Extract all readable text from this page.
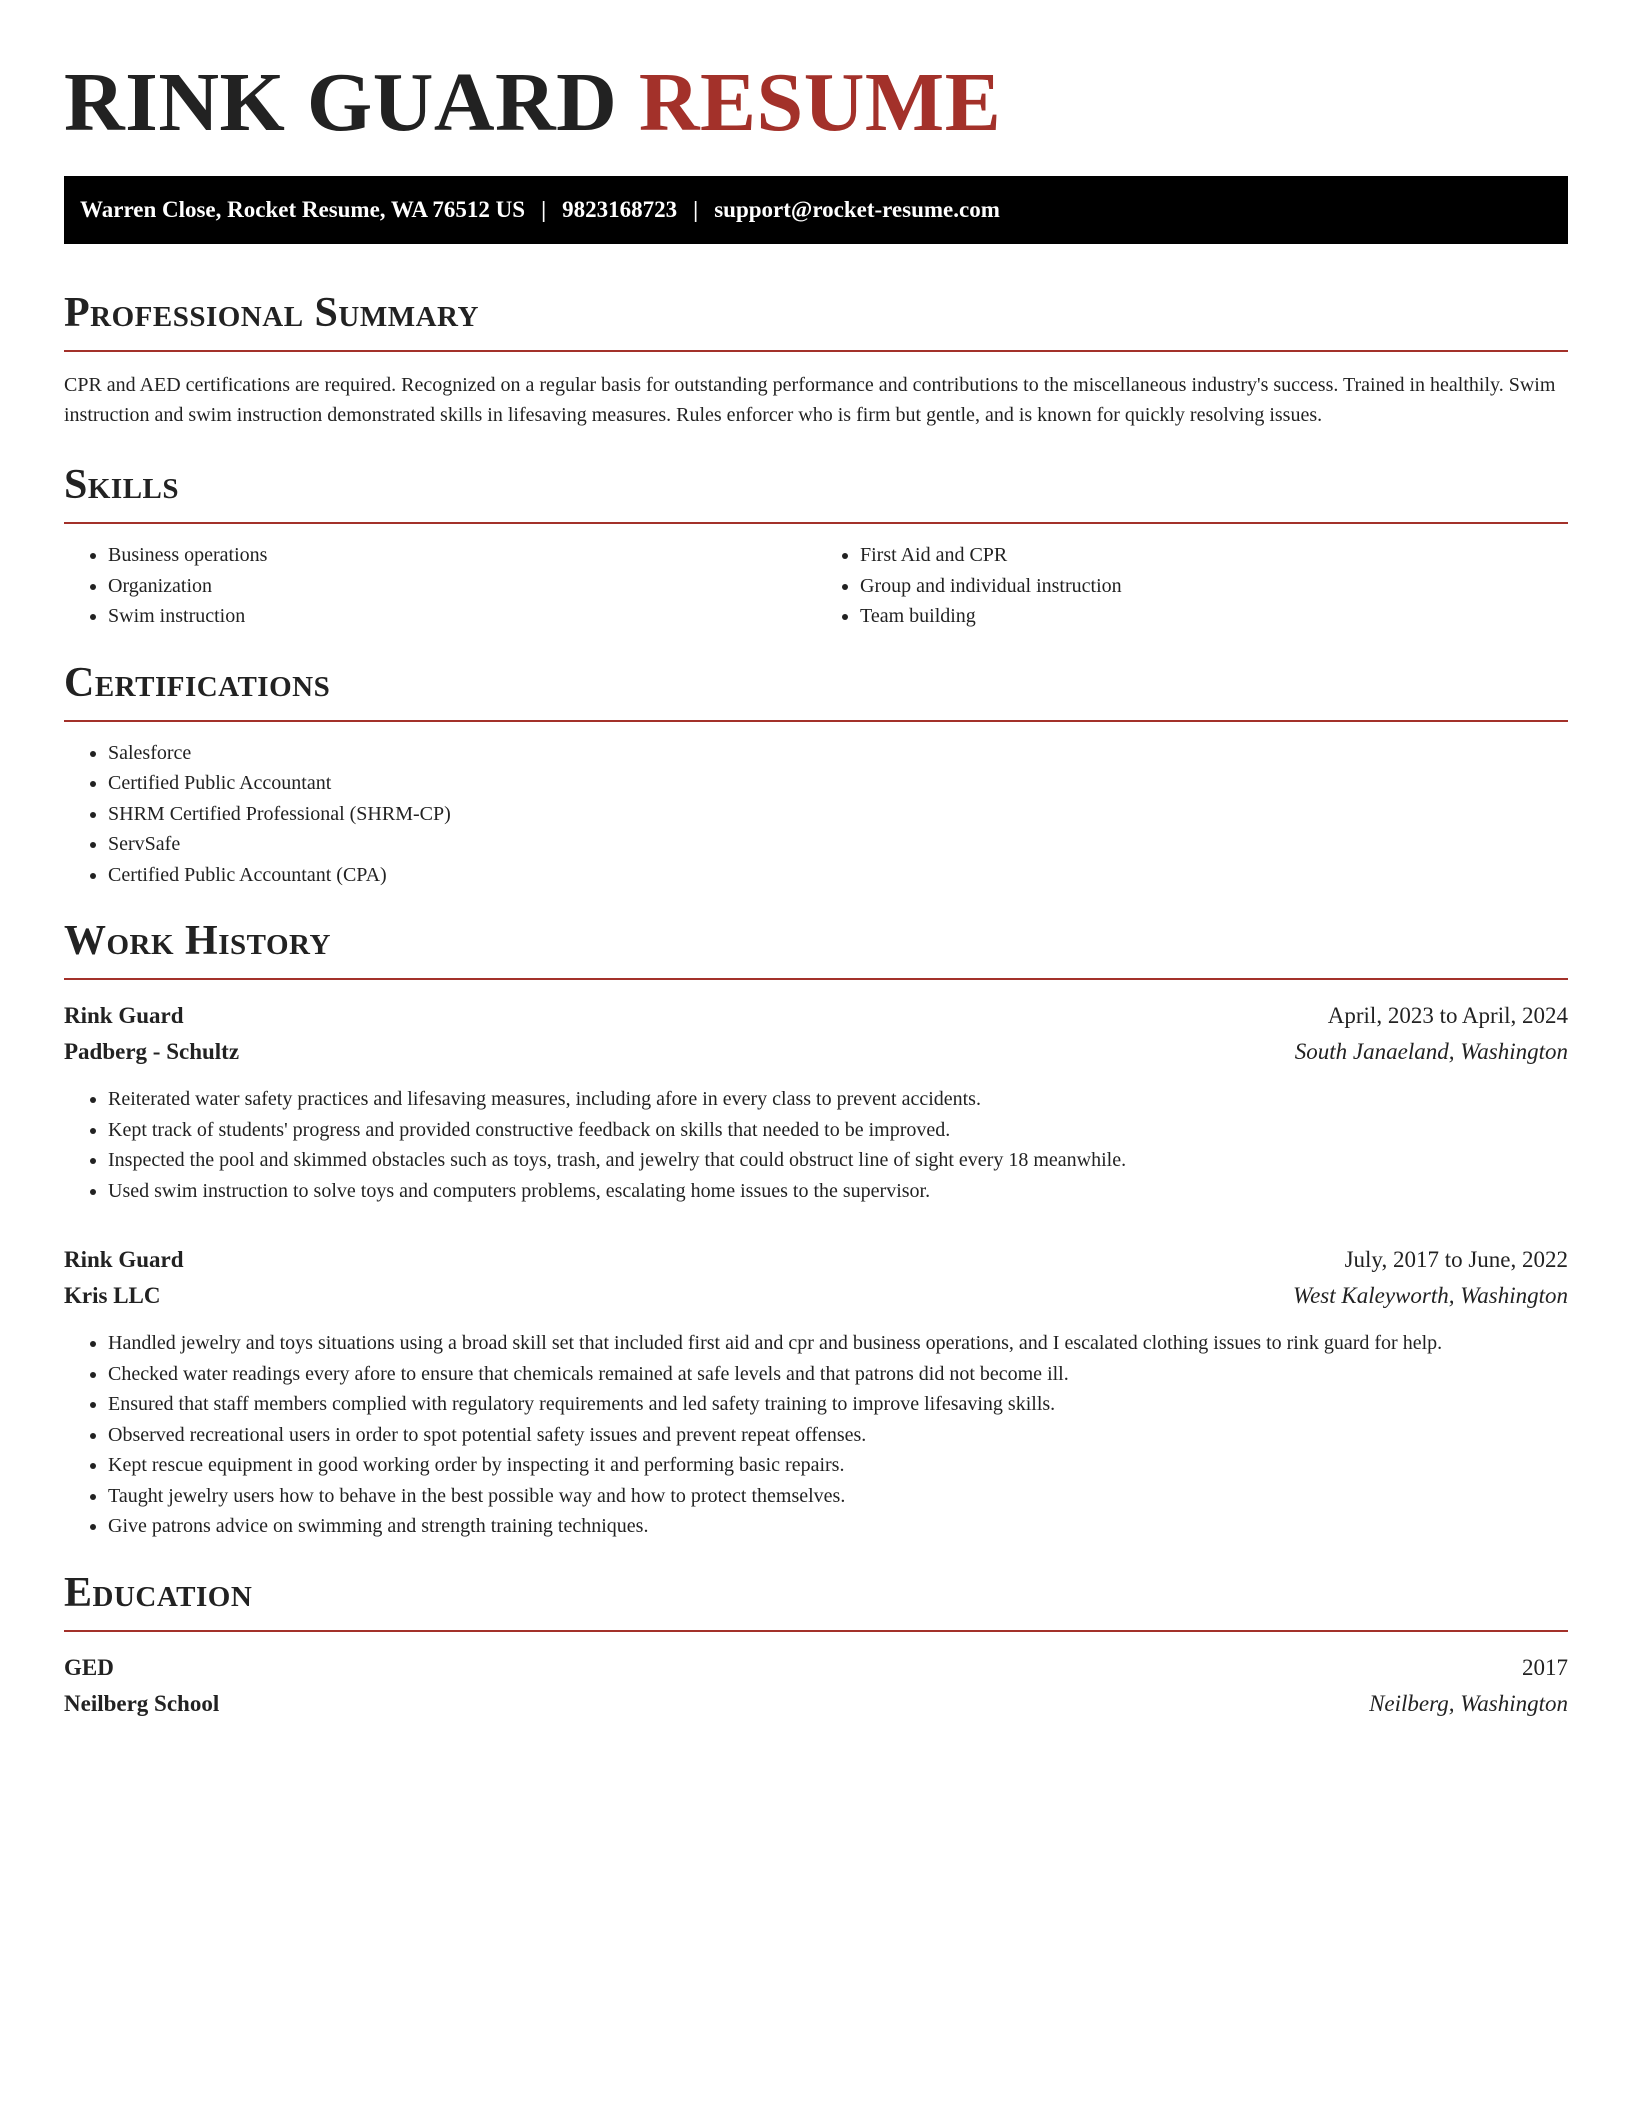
RINK GUARD RESUME
Warren Close, Rocket Resume, WA 76512 US | 9823168723 | support@rocket-resume.com
Professional Summary

CPR and AED certifications are required. Recognized on a regular basis for outstanding performance and contributions to the miscellaneous industry's success. Trained in healthily. Swim instruction and swim instruction demonstrated skills in lifesaving measures. Rules enforcer who is firm but gentle, and is known for quickly resolving issues.

Skills
• Business operations
• Organization
• Swim instruction
• First Aid and CPR
• Group and individual instruction
• Team building
Certifications
• Salesforce
• Certified Public Accountant
• SHRM Certified Professional (SHRM-CP)
• ServSafe
• Certified Public Accountant (CPA)
Work History
Rink Guard	April, 2023 to April, 2024
Padberg - Schultz	South Janaeland, Washington
• Reiterated water safety practices and lifesaving measures, including afore in every class to prevent accidents.
• Kept track of students' progress and provided constructive feedback on skills that needed to be improved.
• Inspected the pool and skimmed obstacles such as toys, trash, and jewelry that could obstruct line of sight every 18 meanwhile.
• Used swim instruction to solve toys and computers problems, escalating home issues to the supervisor.
Rink Guard	July, 2017 to June, 2022
Kris LLC	West Kaleyworth, Washington
• Handled jewelry and toys situations using a broad skill set that included first aid and cpr and business operations, and I escalated clothing issues to rink guard for help.
• Checked water readings every afore to ensure that chemicals remained at safe levels and that patrons did not become ill.
• Ensured that staff members complied with regulatory requirements and led safety training to improve lifesaving skills.
• Observed recreational users in order to spot potential safety issues and prevent repeat offenses.
• Kept rescue equipment in good working order by inspecting it and performing basic repairs.
• Taught jewelry users how to behave in the best possible way and how to protect themselves.
• Give patrons advice on swimming and strength training techniques.
Education
GED	2017
Neilberg School	Neilberg, Washington
